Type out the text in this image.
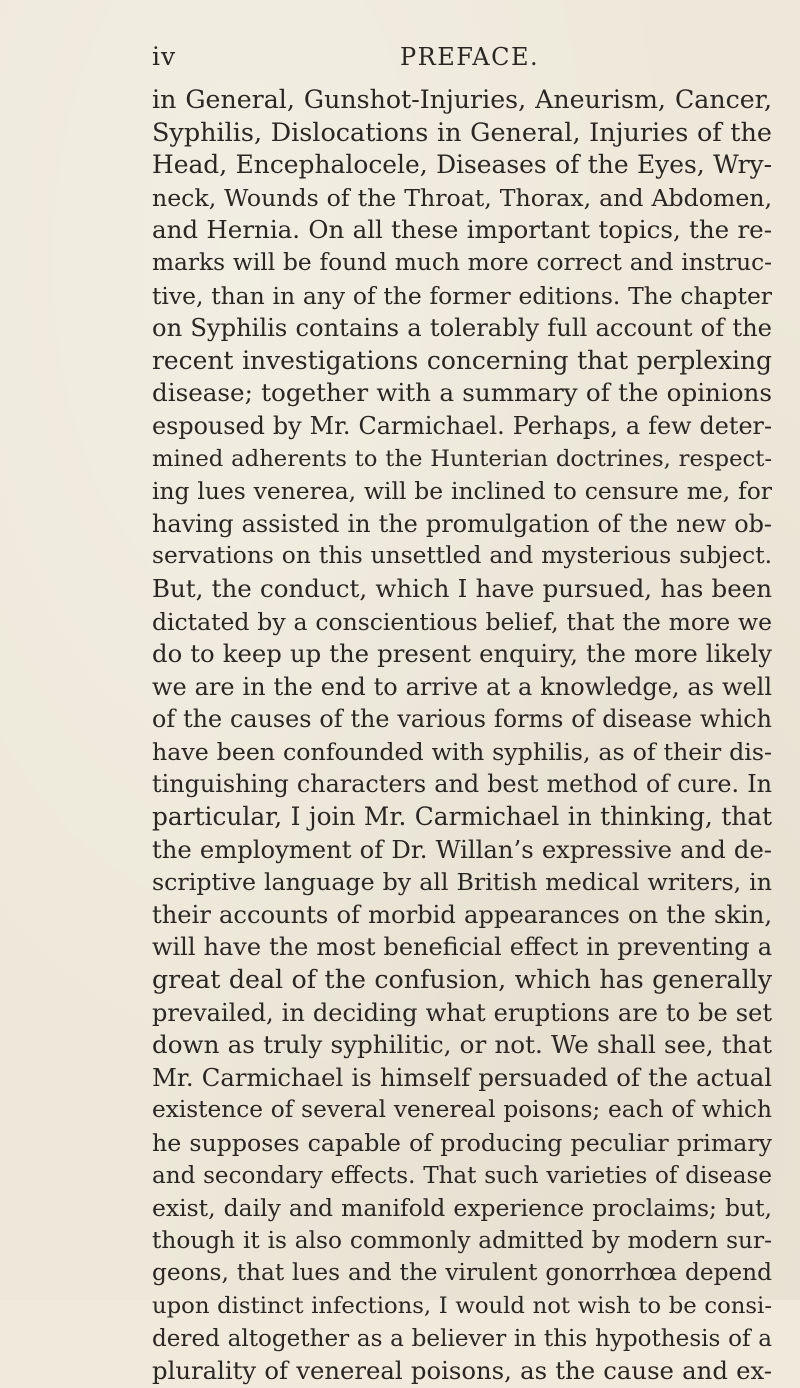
iv	PREFACE.
in General, Gunshot-Injuries, Aneurism, Cancer,
Syphilis, Dislocations in General, Injuries of the
Head, Encephalocele, Diseases of the Eyes, Wry-
neck, Wounds of the Throat, Thorax, and Abdomen,
and Hernia. On all these important topics, the re-
marks will be found much more correct and instruc-
tive, than in any of the former editions. The chapter
on Syphilis contains a tolerably full account of the
recent investigations concerning that perplexing
disease; together with a summary of the opinions
espoused by Mr. Carmichael. Perhaps, a few deter-
mined adherents to the Hunterian doctrines, respect-
ing lues venerea, will be inclined to censure me, for
having assisted in the promulgation of the new ob-
servations on this unsettled and mysterious subject.
But, the conduct, which I have pursued, has been
dictated by a conscientious belief, that the more we
do to keep up the present enquiry, the more likely
we are in the end to arrive at a knowledge, as well
of the causes of the various forms of disease which
have been confounded with syphilis, as of their dis-
tinguishing characters and best method of cure. In
particular, I join Mr. Carmichael in thinking, that
the employment of Dr. Willan’s expressive and de-
scriptive language by all British medical writers, in
their accounts of morbid appearances on the skin,
will have the most beneficial effect in preventing a
great deal of the confusion, which has generally
prevailed, in deciding what eruptions are to be set
down as truly syphilitic, or not. We shall see, that
Mr. Carmichael is himself persuaded of the actual
existence of several venereal poisons; each of which
he supposes capable of producing peculiar primary
and secondary effects. That such varieties of disease
exist, daily and manifold experience proclaims; but,
though it is also commonly admitted by modern sur-
geons, that lues and the virulent gonorrhœa depend
upon distinct infections, I would not wish to be consi-
dered altogether as a believer in this hypothesis of a
plurality of venereal poisons, as the cause and ex-
